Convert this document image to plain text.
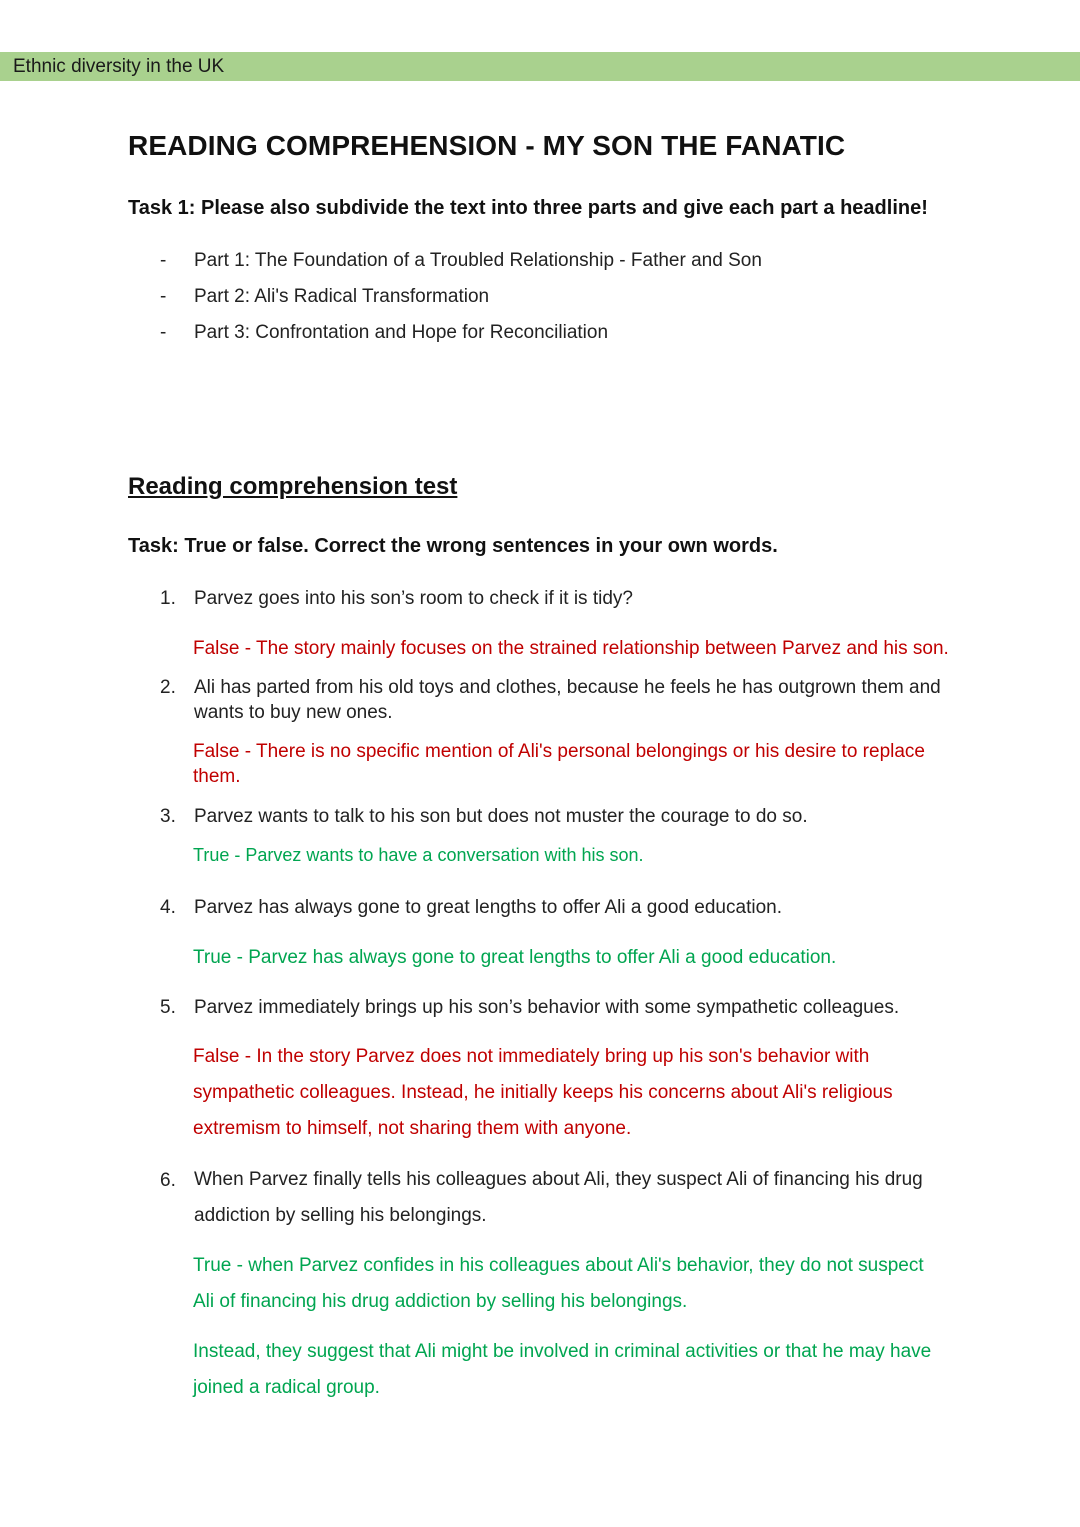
Ethnic diversity in the UK
READING COMPREHENSION - MY SON THE FANATIC
Task 1: Please also subdivide the text into three parts and give each part a headline!
- Part 1: The Foundation of a Troubled Relationship - Father and Son
- Part 2: Ali's Radical Transformation
- Part 3: Confrontation and Hope for Reconciliation
Reading comprehension test
Task: True or false. Correct the wrong sentences in your own words.
1. Parvez goes into his son’s room to check if it is tidy?
False - The story mainly focuses on the strained relationship between Parvez and his son.
2. Ali has parted from his old toys and clothes, because he feels he has outgrown them and wants to buy new ones.
False - There is no specific mention of Ali's personal belongings or his desire to replace them.
3. Parvez wants to talk to his son but does not muster the courage to do so.
True - Parvez wants to have a conversation with his son.
4. Parvez has always gone to great lengths to offer Ali a good education.
True - Parvez has always gone to great lengths to offer Ali a good education.
5. Parvez immediately brings up his son’s behavior with some sympathetic colleagues.
False - In the story Parvez does not immediately bring up his son's behavior with sympathetic colleagues. Instead, he initially keeps his concerns about Ali's religious extremism to himself, not sharing them with anyone.
6. When Parvez finally tells his colleagues about Ali, they suspect Ali of financing his drug addiction by selling his belongings.
True - when Parvez confides in his colleagues about Ali's behavior, they do not suspect Ali of financing his drug addiction by selling his belongings.
Instead, they suggest that Ali might be involved in criminal activities or that he may have joined a radical group.
